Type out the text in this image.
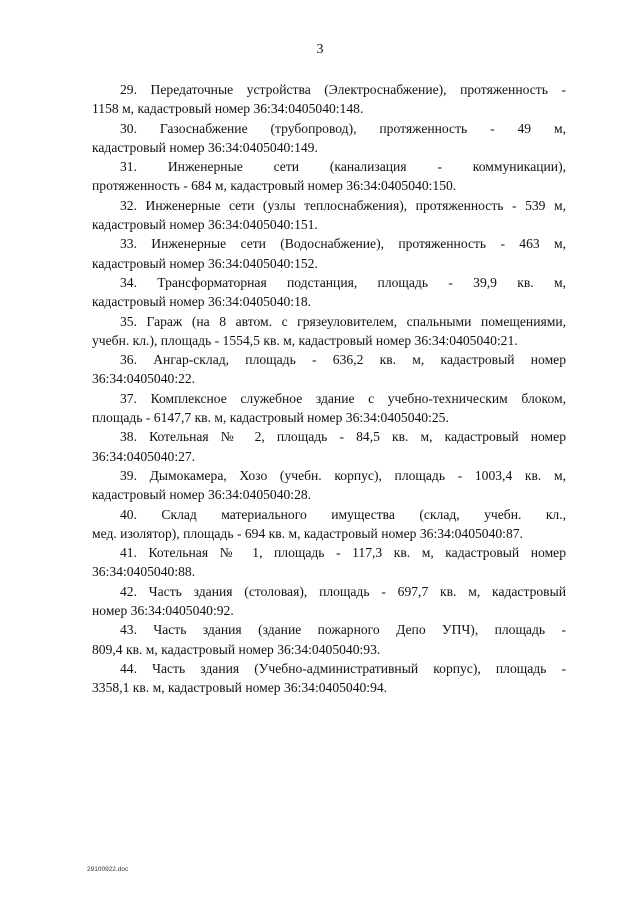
3
29. Передаточные устройства (Электроснабжение), протяженность -
1158 м, кадастровый номер 36:34:0405040:148.
30. Газоснабжение (трубопровод), протяженность - 49 м,
кадастровый номер 36:34:0405040:149.
31. Инженерные сети (канализация - коммуникации),
протяженность - 684 м, кадастровый номер 36:34:0405040:150.
32. Инженерные сети (узлы теплоснабжения), протяженность - 539 м,
кадастровый номер 36:34:0405040:151.
33. Инженерные сети (Водоснабжение), протяженность - 463 м,
кадастровый номер 36:34:0405040:152.
34. Трансформаторная подстанция, площадь - 39,9 кв. м,
кадастровый номер 36:34:0405040:18.
35. Гараж (на 8 автом. с грязеуловителем, спальными помещениями,
учебн. кл.), площадь - 1554,5 кв. м, кадастровый номер 36:34:0405040:21.
36. Ангар-склад, площадь - 636,2 кв. м, кадастровый номер
36:34:0405040:22.
37. Комплексное служебное здание с учебно-техническим блоком,
площадь - 6147,7 кв. м, кадастровый номер 36:34:0405040:25.
38. Котельная № 2, площадь - 84,5 кв. м, кадастровый номер
36:34:0405040:27.
39. Дымокамера, Хозо (учебн. корпус), площадь - 1003,4 кв. м,
кадастровый номер 36:34:0405040:28.
40. Склад материального имущества (склад, учебн. кл.,
мед. изолятор), площадь - 694 кв. м, кадастровый номер 36:34:0405040:87.
41. Котельная № 1, площадь - 117,3 кв. м, кадастровый номер
36:34:0405040:88.
42. Часть здания (столовая), площадь - 697,7 кв. м, кадастровый
номер 36:34:0405040:92.
43. Часть здания (здание пожарного Депо УПЧ), площадь -
809,4 кв. м, кадастровый номер 36:34:0405040:93.
44. Часть здания (Учебно-административный корпус), площадь -
3358,1 кв. м, кадастровый номер 36:34:0405040:94.
29100922.doc
